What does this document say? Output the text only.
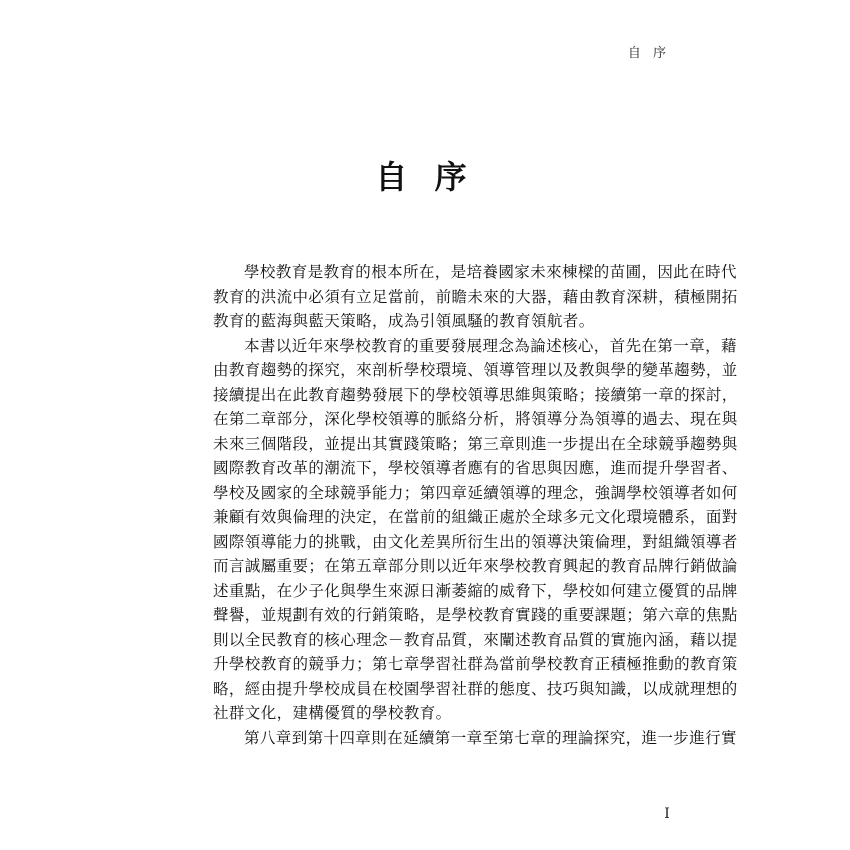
自 序
自 序

學校教育是教育的根本所在，是培養國家未來棟樑的苗圃，因此在時代
教育的洪流中必須有立足當前，前瞻未來的大器，藉由教育深耕，積極開拓
教育的藍海與藍天策略，成為引領風騷的教育領航者。

本書以近年來學校教育的重要發展理念為論述核心，首先在第一章，藉
由教育趨勢的探究，來剖析學校環境、領導管理以及教與學的變革趨勢，並
接續提出在此教育趨勢發展下的學校領導思維與策略；接續第一章的探討，
在第二章部分，深化學校領導的脈絡分析，將領導分為領導的過去、現在與
未來三個階段，並提出其實踐策略；第三章則進一步提出在全球競爭趨勢與
國際教育改革的潮流下，學校領導者應有的省思與因應，進而提升學習者、
學校及國家的全球競爭能力；第四章延續領導的理念，強調學校領導者如何
兼顧有效與倫理的決定，在當前的組織正處於全球多元文化環境體系，面對
國際領導能力的挑戰，由文化差異所衍生出的領導決策倫理，對組織領導者
而言誠屬重要；在第五章部分則以近年來學校教育興起的教育品牌行銷做論
述重點，在少子化與學生來源日漸萎縮的威脅下，學校如何建立優質的品牌
聲譽，並規劃有效的行銷策略，是學校教育實踐的重要課題；第六章的焦點
則以全民教育的核心理念－教育品質，來闡述教育品質的實施內涵，藉以提
升學校教育的競爭力；第七章學習社群為當前學校教育正積極推動的教育策
略，經由提升學校成員在校園學習社群的態度、技巧與知識，以成就理想的
社群文化，建構優質的學校教育。

第八章到第十四章則在延續第一章至第七章的理論探究，進一步進行實

I
